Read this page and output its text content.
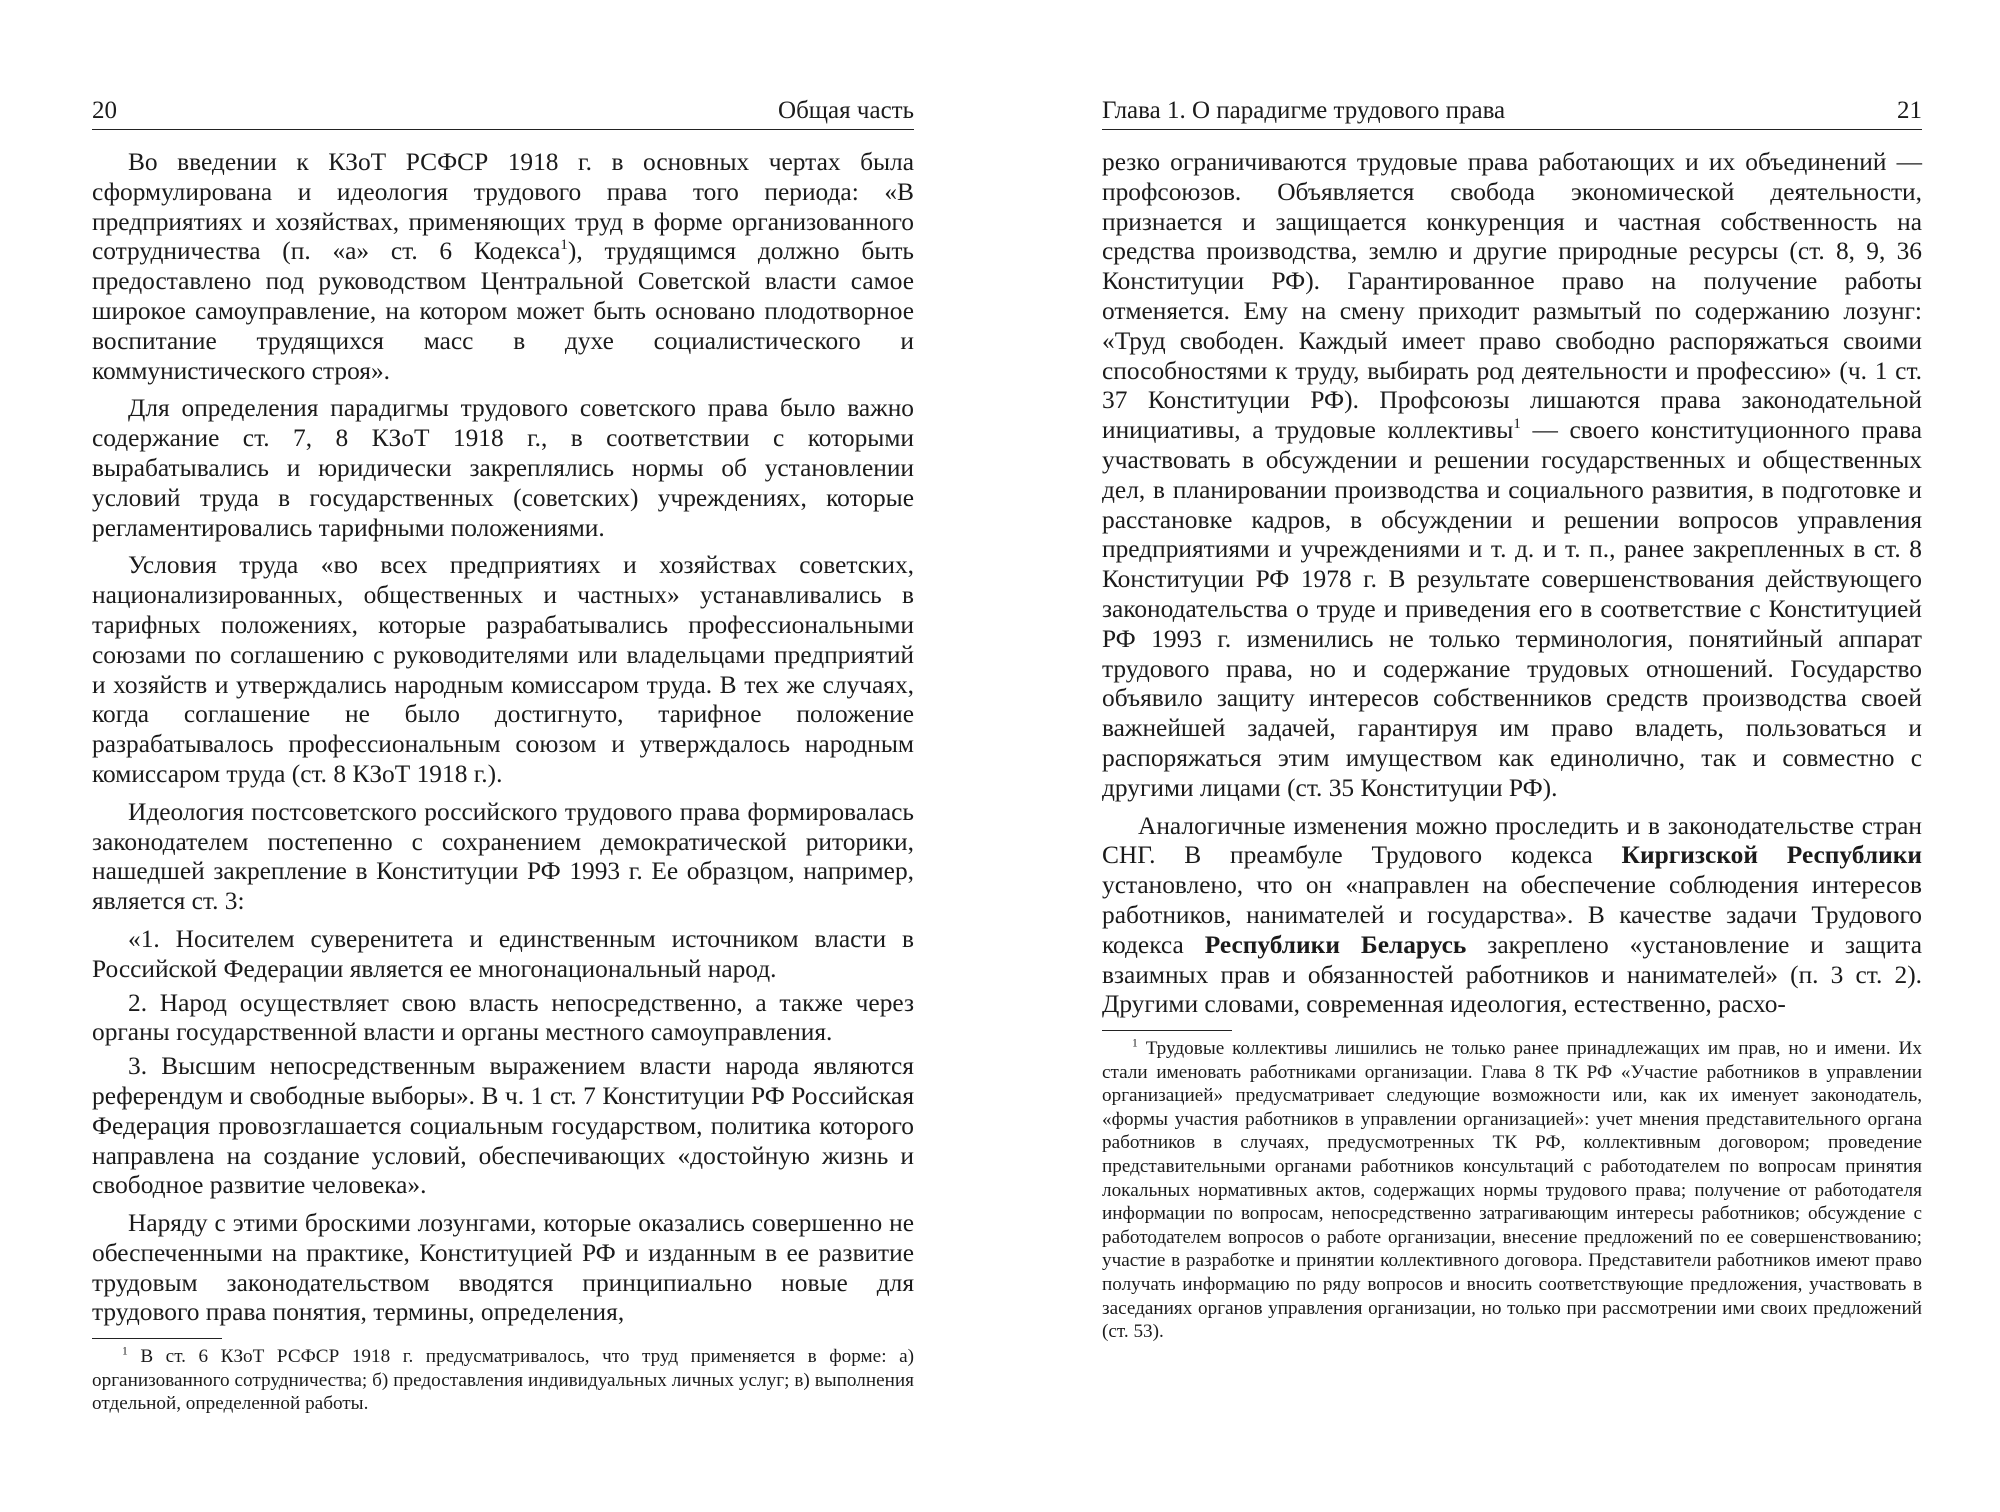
20	Общая часть

Во введении к КЗоТ РСФСР 1918 г. в основных чертах была сформулирована и идеология трудового права того периода: «В предприятиях и хозяйствах, применяющих труд в форме организованного сотрудничества (п. «а» ст. 6 Кодекса$^1$), трудящимся должно быть предоставлено под руководством Центральной Советской власти самое широкое самоуправление, на котором может быть основано плодотворное воспитание трудящихся масс в духе социалистического и коммунистического строя».

Для определения парадигмы трудового советского права было важно содержание ст. 7, 8 КЗоТ 1918 г., в соответствии с которыми вырабатывались и юридически закреплялись нормы об установлении условий труда в государственных (советских) учреждениях, которые регламентировались тарифными положениями.

Условия труда «во всех предприятиях и хозяйствах советских, национализированных, общественных и частных» устанавливались в тарифных положениях, которые разрабатывались профессиональными союзами по соглашению с руководителями или владельцами предприятий и хозяйств и утверждались народным комиссаром труда. В тех же случаях, когда соглашение не было достигнуто, тарифное положение разрабатывалось профессиональным союзом и утверждалось народным комиссаром труда (ст. 8 КЗоТ 1918 г.).

Идеология постсоветского российского трудового права формировалась законодателем постепенно с сохранением демократической риторики, нашедшей закрепление в Конституции РФ 1993 г. Ее образцом, например, является ст. 3:

«1. Носителем суверенитета и единственным источником власти в Российской Федерации является ее многонациональный народ.

2. Народ осуществляет свою власть непосредственно, а также через органы государственной власти и органы местного самоуправления.

3. Высшим непосредственным выражением власти народа являются референдум и свободные выборы». В ч. 1 ст. 7 Конституции РФ Российская Федерация провозглашается социальным государством, политика которого направлена на создание условий, обеспечивающих «достойную жизнь и свободное развитие человека».

Наряду с этими броскими лозунгами, которые оказались совершенно не обеспеченными на практике, Конституцией РФ и изданным в ее развитие трудовым законодательством вводятся принципиально новые для трудового права понятия, термины, определения,

$^1$ В ст. 6 КЗоТ РСФСР 1918 г. предусматривалось, что труд применяется в форме: а) организованного сотрудничества; б) предоставления индивидуальных личных услуг; в) выполнения отдельной, определенной работы.

Глава 1. О парадигме трудового права	21

резко ограничиваются трудовые права работающих и их объединений — профсоюзов. Объявляется свобода экономической деятельности, признается и защищается конкуренция и частная собственность на средства производства, землю и другие природные ресурсы (ст. 8, 9, 36 Конституции РФ). Гарантированное право на получение работы отменяется. Ему на смену приходит размытый по содержанию лозунг: «Труд свободен. Каждый имеет право свободно распоряжаться своими способностями к труду, выбирать род деятельности и профессию» (ч. 1 ст. 37 Конституции РФ). Профсоюзы лишаются права законодательной инициативы, а трудовые коллективы$^1$ — своего конституционного права участвовать в обсуждении и решении государственных и общественных дел, в планировании производства и социального развития, в подготовке и расстановке кадров, в обсуждении и решении вопросов управления предприятиями и учреждениями и т. д. и т. п., ранее закрепленных в ст. 8 Конституции РФ 1978 г. В результате совершенствования действующего законодательства о труде и приведения его в соответствие с Конституцией РФ 1993 г. изменились не только терминология, понятийный аппарат трудового права, но и содержание трудовых отношений. Государство объявило защиту интересов собственников средств производства своей важнейшей задачей, гарантируя им право владеть, пользоваться и распоряжаться этим имуществом как единолично, так и совместно с другими лицами (ст. 35 Конституции РФ).

Аналогичные изменения можно проследить и в законодательстве стран СНГ. В преамбуле Трудового кодекса Киргизской Республики установлено, что он «направлен на обеспечение соблюдения интересов работников, нанимателей и государства». В качестве задачи Трудового кодекса Республики Беларусь закреплено «установление и защита взаимных прав и обязанностей работников и нанимателей» (п. 3 ст. 2). Другими словами, современная идеология, естественно, расхо-

$^1$ Трудовые коллективы лишились не только ранее принадлежащих им прав, но и имени. Их стали именовать работниками организации. Глава 8 ТК РФ «Участие работников в управлении организацией» предусматривает следующие возможности или, как их именует законодатель, «формы участия работников в управлении организацией»: учет мнения представительного органа работников в случаях, предусмотренных ТК РФ, коллективным договором; проведение представительными органами работников консультаций с работодателем по вопросам принятия локальных нормативных актов, содержащих нормы трудового права; получение от работодателя информации по вопросам, непосредственно затрагивающим интересы работников; обсуждение с работодателем вопросов о работе организации, внесение предложений по ее совершенствованию; участие в разработке и принятии коллективного договора. Представители работников имеют право получать информацию по ряду вопросов и вносить соответствующие предложения, участвовать в заседаниях органов управления организации, но только при рассмотрении ими своих предложений (ст. 53).
